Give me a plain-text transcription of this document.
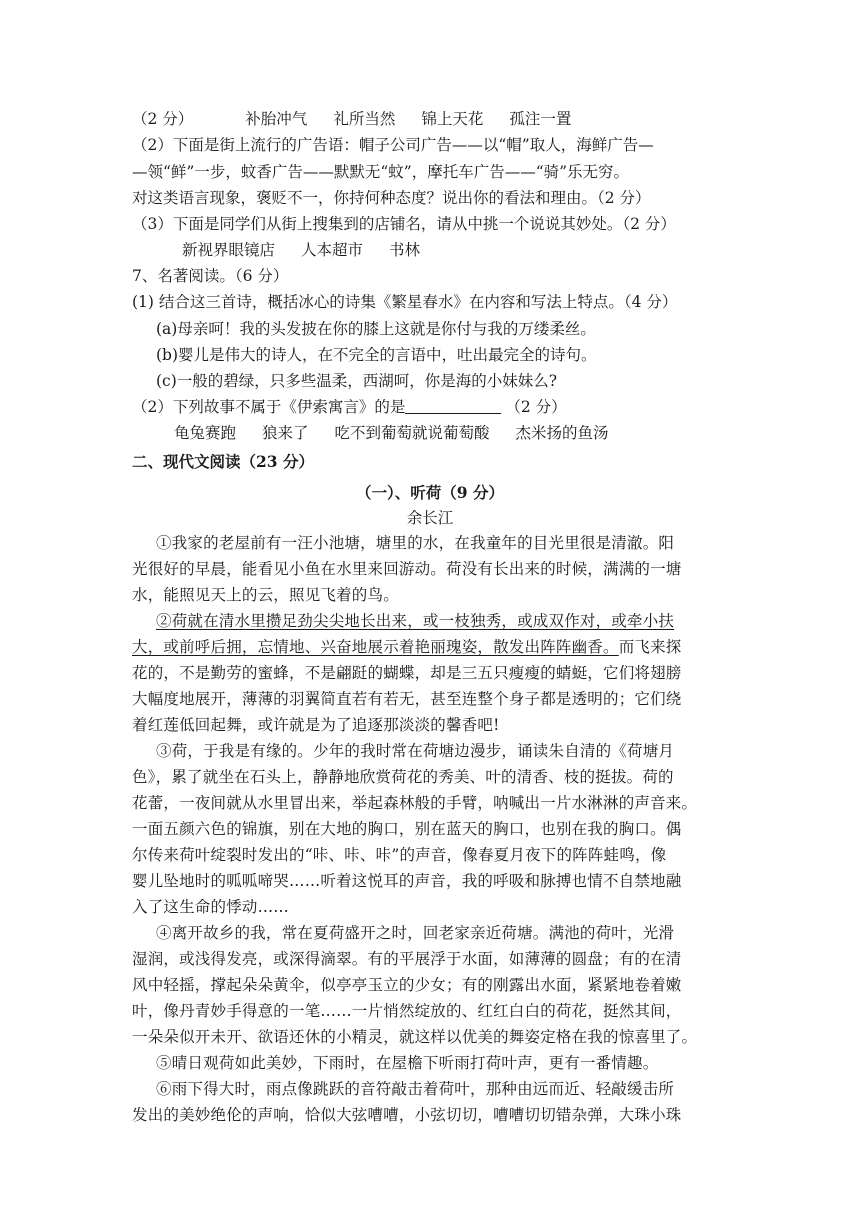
（2 分）	补胎冲气 礼所当然 锦上天花 孤注一置
（2）下面是街上流行的广告语：帽子公司广告——以“帽”取人，海鲜广告—
—领“鲜”一步，蚊香广告——默默无“蚊”，摩托车广告——“骑”乐无穷。
对这类语言现象，褒贬不一，你持何种态度？说出你的看法和理由。（2 分）
（3）下面是同学们从街上搜集到的店铺名，请从中挑一个说说其妙处。（2 分）
新视界眼镜店 人本超市 书林
7、名著阅读。（6 分）
(1) 结合这三首诗，概括冰心的诗集《繁星春水》在内容和写法上特点。（4 分）
(a)母亲呵！我的头发披在你的膝上这就是你付与我的万缕柔丝。
(b)婴儿是伟大的诗人，在不完全的言语中，吐出最完全的诗句。
(c)一般的碧绿，只多些温柔，西湖呵，你是海的小妹妹么?
（2）下列故事不属于《伊索寓言》的是	（2 分）
龟兔赛跑 狼来了 吃不到葡萄就说葡萄酸 杰米扬的鱼汤
二、现代文阅读（23 分）
（一）、听荷（9 分）
余长江
①我家的老屋前有一汪小池塘，塘里的水，在我童年的目光里很是清澈。阳
光很好的早晨，能看见小鱼在水里来回游动。荷没有长出来的时候，满满的一塘
水，能照见天上的云，照见飞着的鸟。
②荷就在清水里攒足劲尖尖地长出来，或一枝独秀，或成双作对，或牵小扶
大，或前呼后拥，忘情地、兴奋地展示着艳丽瑰姿，散发出阵阵幽香。而飞来探
花的，不是勤劳的蜜蜂，不是翩跹的蝴蝶，却是三五只瘦瘦的蜻蜓，它们将翅膀
大幅度地展开，薄薄的羽翼简直若有若无，甚至连整个身子都是透明的；它们绕
着红莲低回起舞，或许就是为了追逐那淡淡的馨香吧!
③荷，于我是有缘的。少年的我时常在荷塘边漫步，诵读朱自清的《荷塘月
色》，累了就坐在石头上，静静地欣赏荷花的秀美、叶的清香、枝的挺拔。荷的
花蕾，一夜间就从水里冒出来，举起森林般的手臂，呐喊出一片水淋淋的声音来。
一面五颜六色的锦旗，别在大地的胸口，别在蓝天的胸口，也别在我的胸口。偶
尔传来荷叶绽裂时发出的“咔、咔、咔”的声音，像春夏月夜下的阵阵蛙鸣，像
婴儿坠地时的呱呱啼哭……听着这悦耳的声音，我的呼吸和脉搏也情不自禁地融
入了这生命的悸动……
④离开故乡的我，常在夏荷盛开之时，回老家亲近荷塘。满池的荷叶，光滑
湿润，或浅得发亮，或深得滴翠。有的平展浮于水面，如薄薄的圆盘；有的在清
风中轻摇，撑起朵朵黄伞，似亭亭玉立的少女；有的刚露出水面，紧紧地卷着嫩
叶，像丹青妙手得意的一笔……一片悄然绽放的、红红白白的荷花，挺然其间，
一朵朵似开未开、欲语还休的小精灵，就这样以优美的舞姿定格在我的惊喜里了。
⑤晴日观荷如此美妙，下雨时，在屋檐下听雨打荷叶声，更有一番情趣。
⑥雨下得大时，雨点像跳跃的音符敲击着荷叶，那种由远而近、轻敲缓击所
发出的美妙绝伦的声响，恰似大弦嘈嘈，小弦切切，嘈嘈切切错杂弹，大珠小珠
